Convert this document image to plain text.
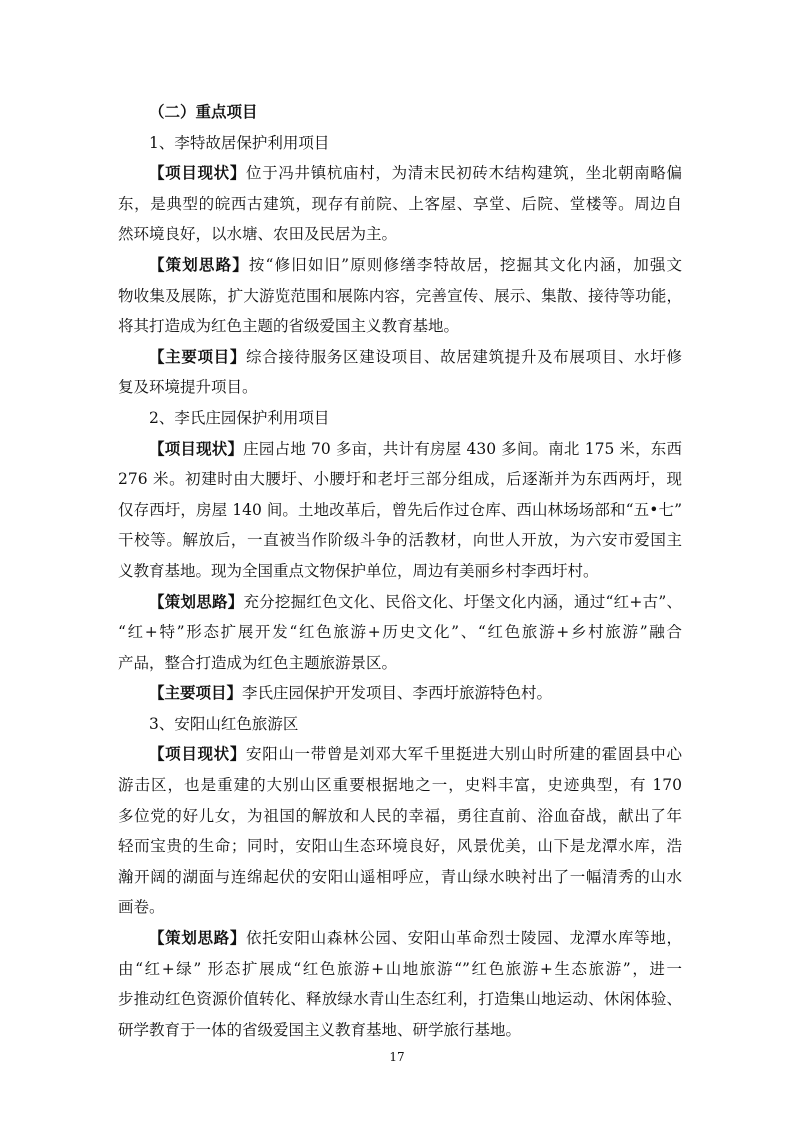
（二）重点项目
1、李特故居保护利用项目
【项目现状】位于冯井镇杭庙村，为清末民初砖木结构建筑，坐北朝南略偏
东，是典型的皖西古建筑，现存有前院、上客屋、享堂、后院、堂楼等。周边自
然环境良好，以水塘、农田及民居为主。
【策划思路】按“修旧如旧”原则修缮李特故居，挖掘其文化内涵，加强文
物收集及展陈，扩大游览范围和展陈内容，完善宣传、展示、集散、接待等功能，
将其打造成为红色主题的省级爱国主义教育基地。
【主要项目】综合接待服务区建设项目、故居建筑提升及布展项目、水圩修
复及环境提升项目。
2、李氏庄园保护利用项目
【项目现状】庄园占地 70 多亩，共计有房屋 430 多间。南北 175 米，东西
276 米。初建时由大腰圩、小腰圩和老圩三部分组成，后逐渐并为东西两圩，现
仅存西圩，房屋 140 间。土地改革后，曾先后作过仓库、西山林场场部和“五•七”
干校等。解放后，一直被当作阶级斗争的活教材，向世人开放，为六安市爱国主
义教育基地。现为全国重点文物保护单位，周边有美丽乡村李西圩村。
【策划思路】充分挖掘红色文化、民俗文化、圩堡文化内涵，通过“红+古”、
“红+特”形态扩展开发“红色旅游+历史文化”、“红色旅游+乡村旅游”融合
产品，整合打造成为红色主题旅游景区。
【主要项目】李氏庄园保护开发项目、李西圩旅游特色村。
3、安阳山红色旅游区
【项目现状】安阳山一带曾是刘邓大军千里挺进大别山时所建的霍固县中心
游击区，也是重建的大别山区重要根据地之一，史料丰富，史迹典型，有 170
多位党的好儿女，为祖国的解放和人民的幸福，勇往直前、浴血奋战，献出了年
轻而宝贵的生命；同时，安阳山生态环境良好，风景优美，山下是龙潭水库，浩
瀚开阔的湖面与连绵起伏的安阳山遥相呼应，青山绿水映衬出了一幅清秀的山水
画卷。
【策划思路】依托安阳山森林公园、安阳山革命烈士陵园、龙潭水库等地，
由“红+绿” 形态扩展成“红色旅游+山地旅游“”红色旅游+生态旅游”，进一
步推动红色资源价值转化、释放绿水青山生态红利，打造集山地运动、休闲体验、
研学教育于一体的省级爱国主义教育基地、研学旅行基地。
17
